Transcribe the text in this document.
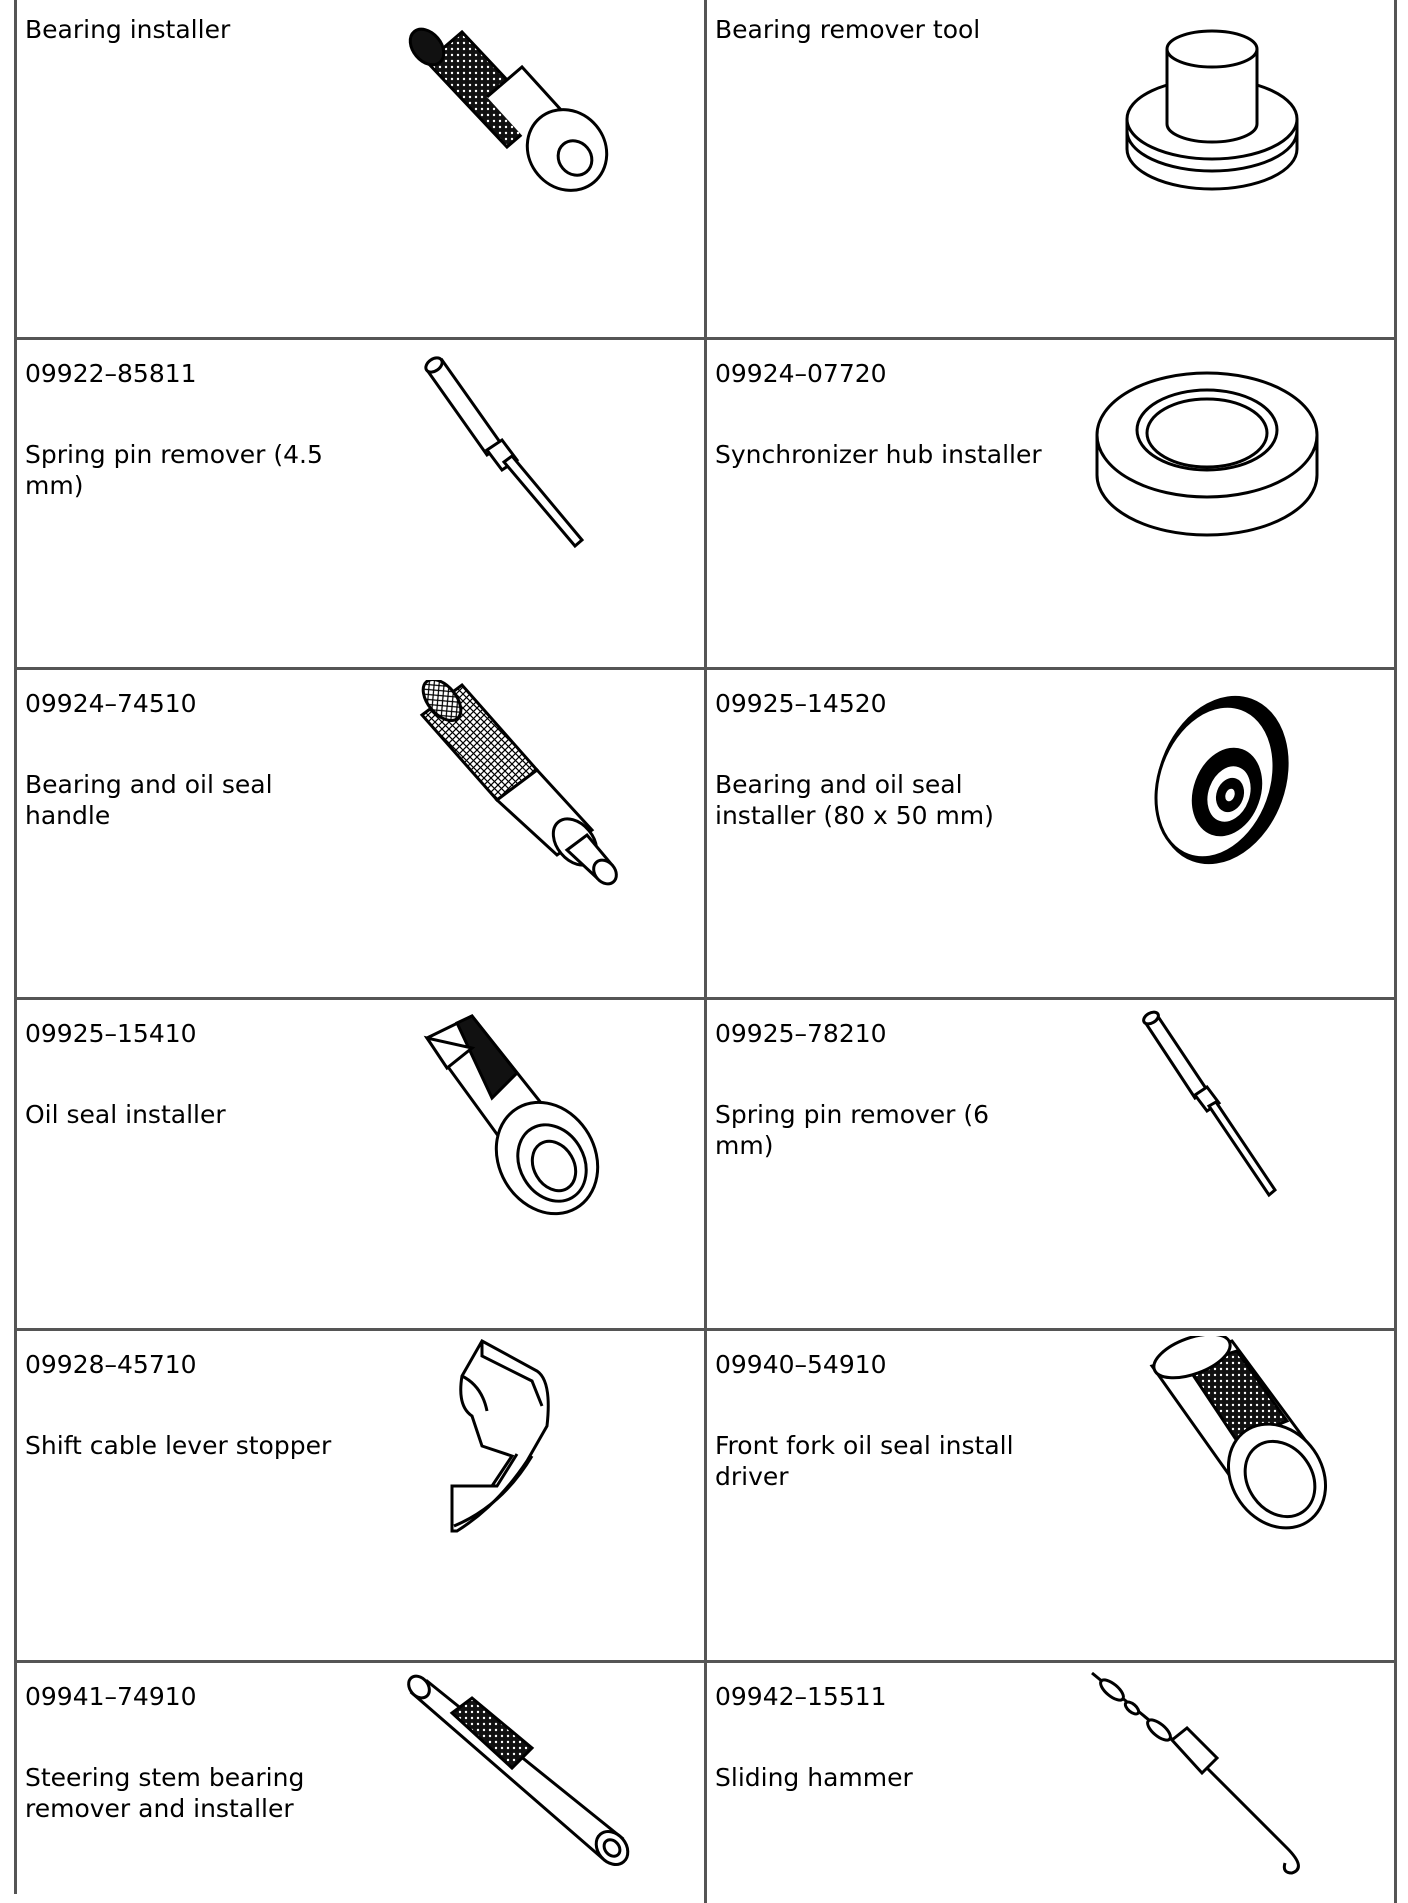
Bearing installer	Bearing remover tool
09922–85811
Spring pin remover (4.5 mm)
09924–07720
Synchronizer hub installer
09924–74510
Bearing and oil seal handle
09925–14520
Bearing and oil seal installer (80 x 50 mm)
09925–15410
Oil seal installer
09925–78210
Spring pin remover (6 mm)
09928–45710
Shift cable lever stopper
09940–54910
Front fork oil seal install driver
09941–74910
Steering stem bearing remover and installer
09942–15511
Sliding hammer
